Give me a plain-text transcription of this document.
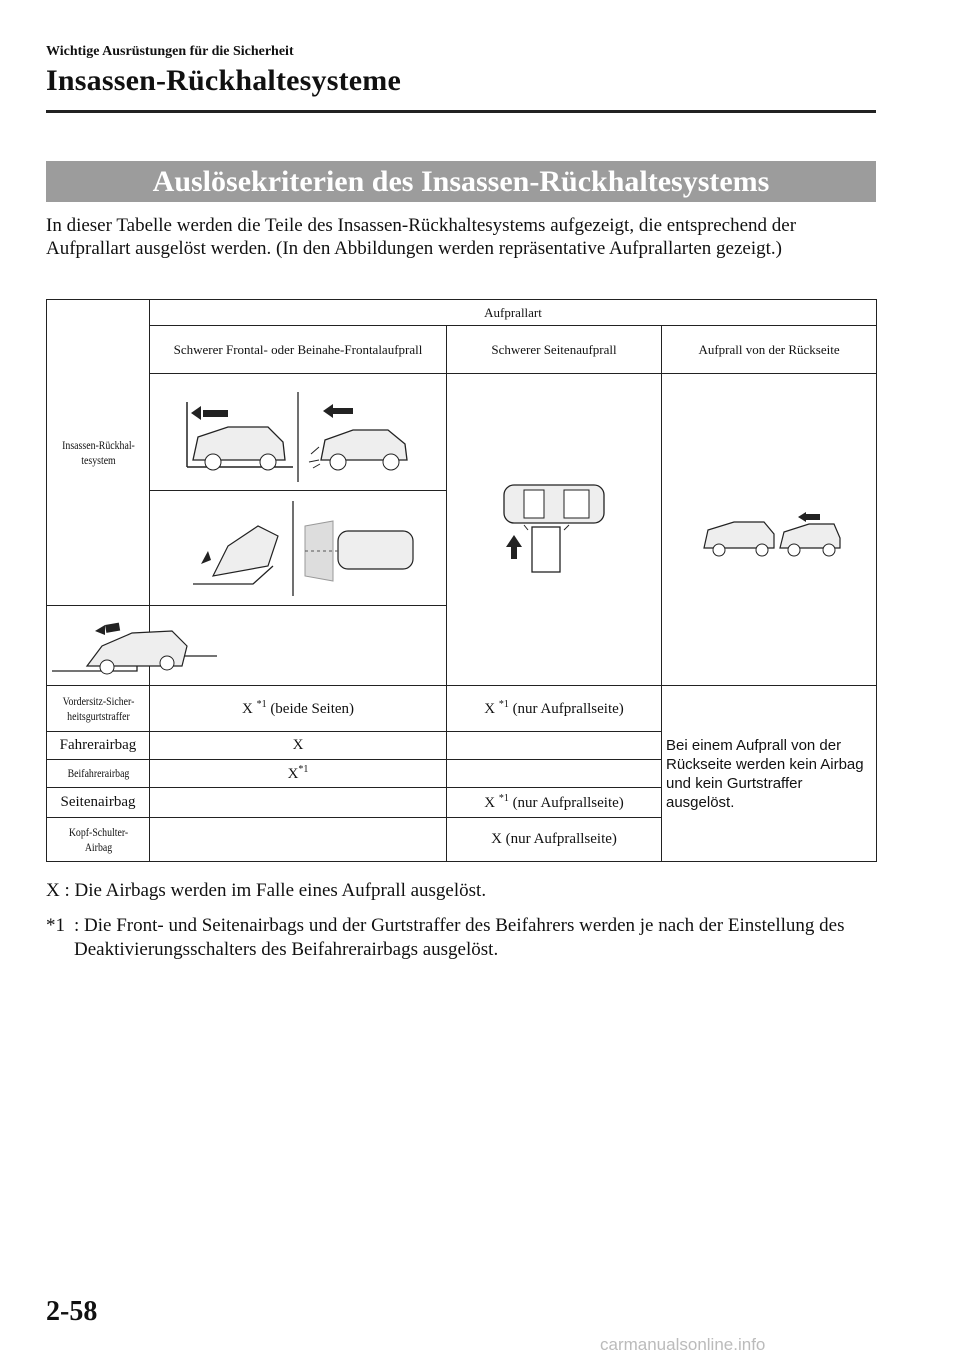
Wichtige Ausrüstungen für die Sicherheit
Insassen-Rückhaltesysteme
Auslösekriterien des Insassen-Rückhaltesystems
In dieser Tabelle werden die Teile des Insassen-Rückhaltesystems aufgezeigt, die entsprechend der Aufprallart ausgelöst werden. (In den Abbildungen werden repräsentative Aufprallarten gezeigt.)
Insassen-Rückhal-tesystem	Aufprallart		
	Schwerer Frontal- oder Beinahe-Frontalaufprall	Schwerer Seitenaufprall	Aufprall von der Rückseite

Vordersitz-Sicher-heitsgurtstraffer	X $^{*1}$ (beide Seiten)	X $^{*1}$ (nur Aufprallseite)	Bei einem Aufprall von der Rückseite werden kein Airbag und kein Gurtstraffer ausgelöst.
Fahrerairbag	X		
Beifahrerairbag	$X^{*1}$	
Seitenairbag		X $^{*1}$ (nur Aufprallseite)	
Kopf-Schulter-Airbag		X (nur Aufprallseite)	
X : Die Airbags werden im Falle eines Aufprall ausgelöst.
*1 : Die Front- und Seitenairbags und der Gurtstraffer des Beifahrers werden je nach der Einstellung des Deaktivierungsschalters des Beifahrerairbags ausgelöst.
2-58
carmanualsonline.info
